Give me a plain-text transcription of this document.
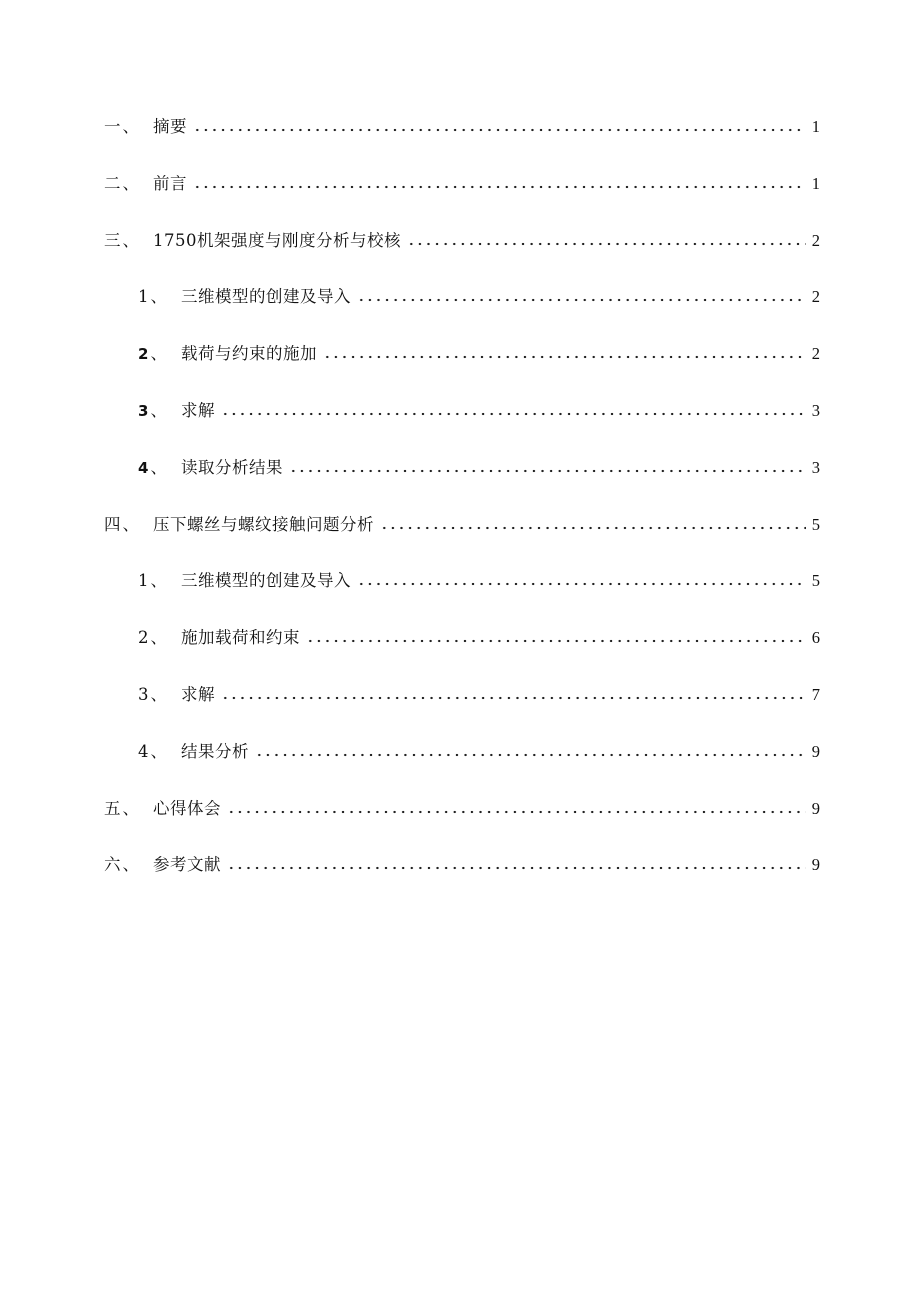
一 、 摘要	1
二 、 前言	1
三 、 1750机架强度与刚度分析与校核	2
1 、 三维模型的创建及导入	2
2 、 载荷与约束的施加	2
3 、 求解	3
4 、 读取分析结果	3
四 、 压下螺丝与螺纹接触问题分析	5
1 、 三维模型的创建及导入	5
2 、 施加载荷和约束	6
3 、 求解	7
4 、 结果分析	9
五 、 心得体会	9
六 、 参考文献	9
